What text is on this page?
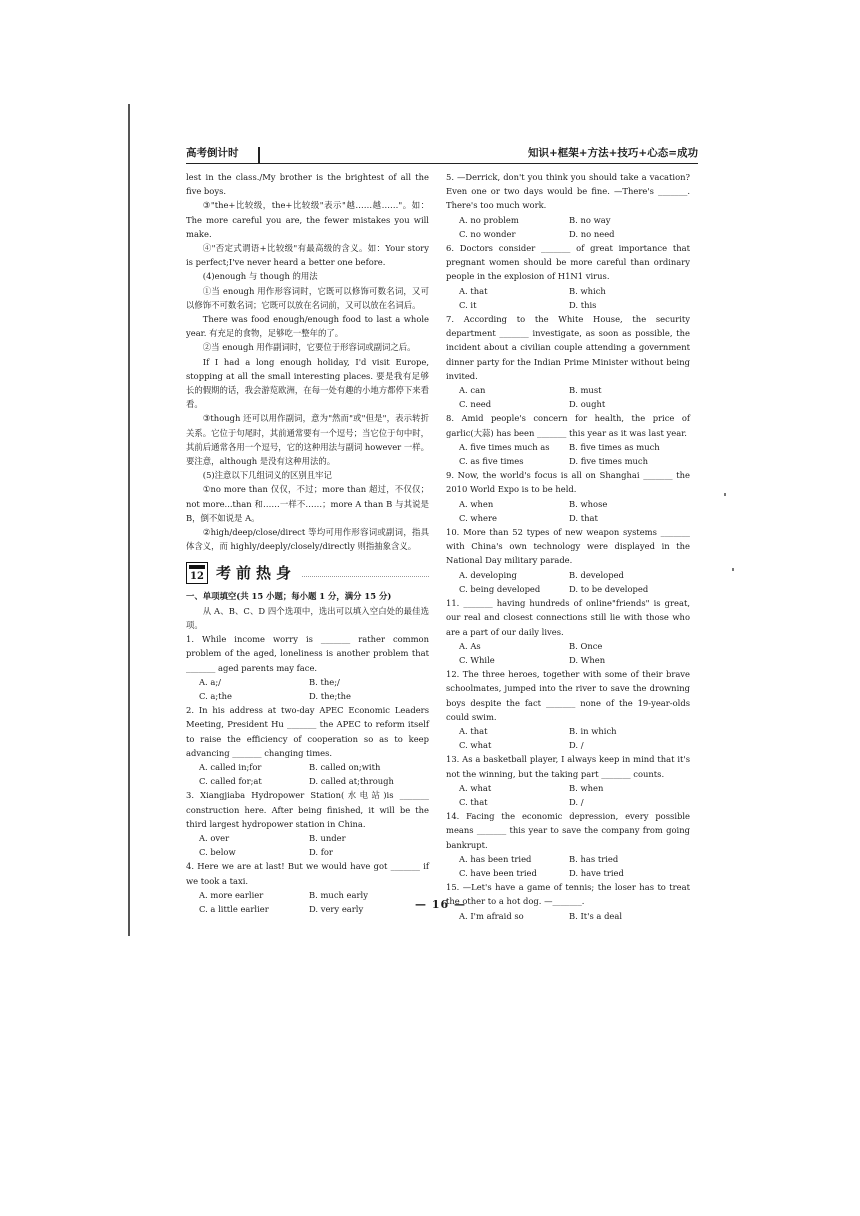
高考倒计时	知识+框架+方法+技巧+心态=成功

lest in the class./My brother is the brightest of all the five boys.

③"the+比较级，the+比较级"表示"越……越……"。如：The more careful you are, the fewer mistakes you will make.

④"否定式谓语+比较级"有最高级的含义。如：Your story is perfect;I've never heard a better one before.

(4)enough 与 though 的用法

①当 enough 用作形容词时，它既可以修饰可数名词，又可以修饰不可数名词；它既可以放在名词前，又可以放在名词后。

There was food enough/enough food to last a whole year. 有充足的食物，足够吃一整年的了。

②当 enough 用作副词时，它要位于形容词或副词之后。

If I had a long enough holiday, I'd visit Europe, stopping at all the small interesting places. 要是我有足够长的假期的话，我会游览欧洲，在每一处有趣的小地方都停下来看看。

③though 还可以用作副词，意为"然而"或"但是"，表示转折关系。它位于句尾时，其前通常要有一个逗号；当它位于句中时，其前后通常各用一个逗号，它的这种用法与副词 however 一样。要注意，although 是没有这种用法的。

(5)注意以下几组词义的区别且牢记

①no more than 仅仅，不过；more than 超过，不仅仅；not more...than 和……一样不……；more A than B 与其说是 B，倒不如说是 A。

②high/deep/close/direct 等均可用作形容词或副词，指具体含义，而 highly/deeply/closely/directly 则指抽象含义。

12 考前热身

一、单项填空(共 15 小题；每小题 1 分，满分 15 分)

从 A、B、C、D 四个选项中，选出可以填入空白处的最佳选项。

1. While income worry is _______ rather common problem of the aged, loneliness is another problem that _______ aged parents may face.

A. a;/	B. the;/
C. a;the	D. the;the

2. In his address at two-day APEC Economic Leaders Meeting, President Hu _______ the APEC to reform itself to raise the efficiency of cooperation so as to keep advancing _______ changing times.

A. called in;for	B. called on;with
C. called for;at	D. called at;through

3. Xiangjiaba Hydropower Station(水电站)is _______ construction here. After being finished, it will be the third largest hydropower station in China.

A. over	B. under
C. below	D. for

4. Here we are at last! But we would have got _______ if we took a taxi.

A. more earlier	B. much early
C. a little earlier	D. very early

5. —Derrick, don't you think you should take a vacation? Even one or two days would be fine. —There's _______. There's too much work.

A. no problem	B. no way
C. no wonder	D. no need

6. Doctors consider _______ of great importance that pregnant women should be more careful than ordinary people in the explosion of H1N1 virus.

A. that	B. which
C. it	D. this

7. According to the White House, the security department _______ investigate, as soon as possible, the incident about a civilian couple attending a government dinner party for the Indian Prime Minister without being invited.

A. can	B. must
C. need	D. ought

8. Amid people's concern for health, the price of garlic(大蒜) has been _______ this year as it was last year.

A. five times much as	B. five times as much
C. as five times	D. five times much

9. Now, the world's focus is all on Shanghai _______ the 2010 World Expo is to be held.

A. when	B. whose
C. where	D. that

10. More than 52 types of new weapon systems _______ with China's own technology were displayed in the National Day military parade.

A. developing	B. developed
C. being developed	D. to be developed

11. _______ having hundreds of online"friends" is great, our real and closest connections still lie with those who are a part of our daily lives.

A. As	B. Once
C. While	D. When

12. The three heroes, together with some of their brave schoolmates, jumped into the river to save the drowning boys despite the fact _______ none of the 19-year-olds could swim.

A. that	B. in which
C. what	D. /

13. As a basketball player, I always keep in mind that it's not the winning, but the taking part _______ counts.

A. what	B. when
C. that	D. /

14. Facing the economic depression, every possible means _______ this year to save the company from going bankrupt.

A. has been tried	B. has tried
C. have been tried	D. have tried

15. —Let's have a game of tennis; the loser has to treat the other to a hot dog. —_______.

A. I'm afraid so	B. It's a deal
— 16 —
